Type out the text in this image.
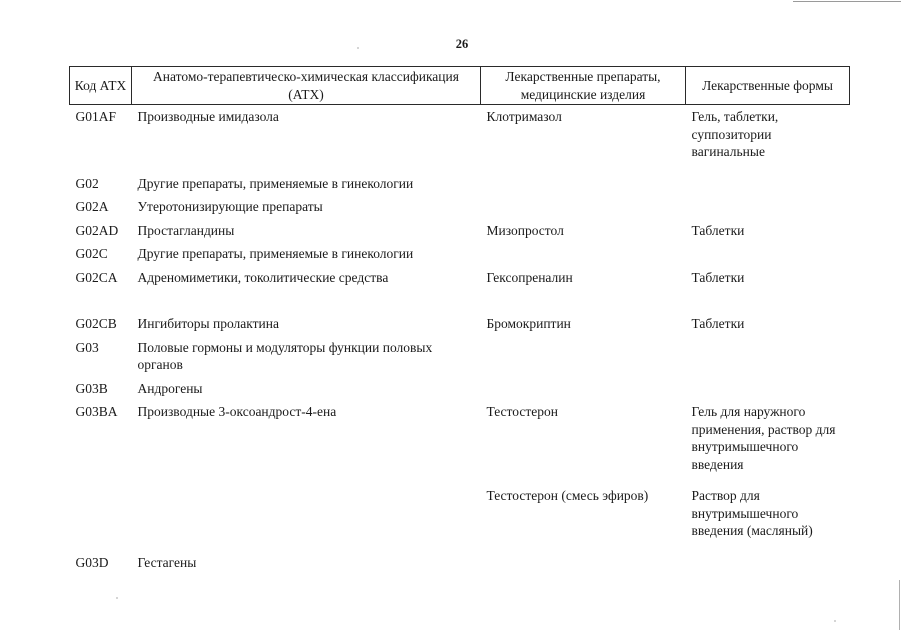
26
Код АТХ	Анатомо-терапевтическо-химическая классификация (АТХ)	Лекарственные препараты, медицинские изделия	Лекарственные формы
G01AF	Производные имидазола	Клотримазол	Гель, таблетки, суппозитории вагинальные
G02	Другие препараты, применяемые в гинекологии		
G02A	Утеротонизирующие препараты		
G02AD	Простагландины	Мизопростол	Таблетки
G02C	Другие препараты, применяемые в гинекологии		
G02CA	Адреномиметики, токолитические средства	Гексопреналин	Таблетки
G02CB	Ингибиторы пролактина	Бромокриптин	Таблетки
G03	Половые гормоны и модуляторы функции половых органов		
G03B	Андрогены		
G03BA	Производные 3-оксоандрост-4-ена	Тестостерон	Гель для наружного применения, раствор для внутримышечного введения
		Тестостерон (смесь эфиров)	Раствор для внутримышечного введения (масляный)
G03D	Гестагены		
